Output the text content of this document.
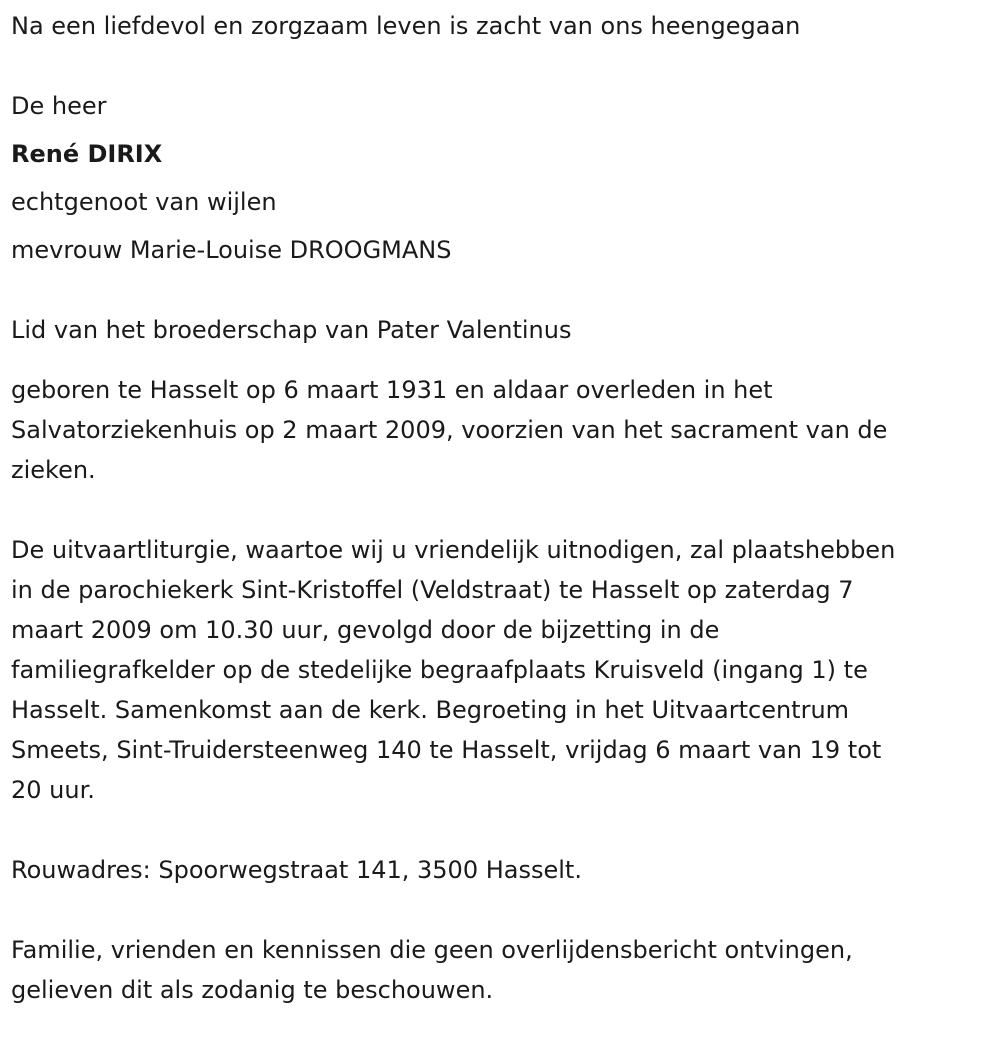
Na een liefdevol en zorgzaam leven is zacht van ons heengegaan
De heer
René DIRIX
echtgenoot van wijlen
mevrouw Marie-Louise DROOGMANS
Lid van het broederschap van Pater Valentinus
geboren te Hasselt op 6 maart 1931 en aldaar overleden in het
Salvatorziekenhuis op 2 maart 2009, voorzien van het sacrament van de
zieken.
De uitvaartliturgie, waartoe wij u vriendelijk uitnodigen, zal plaatshebben
in de parochiekerk Sint-Kristoffel (Veldstraat) te Hasselt op zaterdag 7
maart 2009 om 10.30 uur, gevolgd door de bijzetting in de
familiegrafkelder op de stedelijke begraafplaats Kruisveld (ingang 1) te
Hasselt. Samenkomst aan de kerk. Begroeting in het Uitvaartcentrum
Smeets, Sint-Truidersteenweg 140 te Hasselt, vrijdag 6 maart van 19 tot
20 uur.
Rouwadres: Spoorwegstraat 141, 3500 Hasselt.
Familie, vrienden en kennissen die geen overlijdensbericht ontvingen,
gelieven dit als zodanig te beschouwen.
